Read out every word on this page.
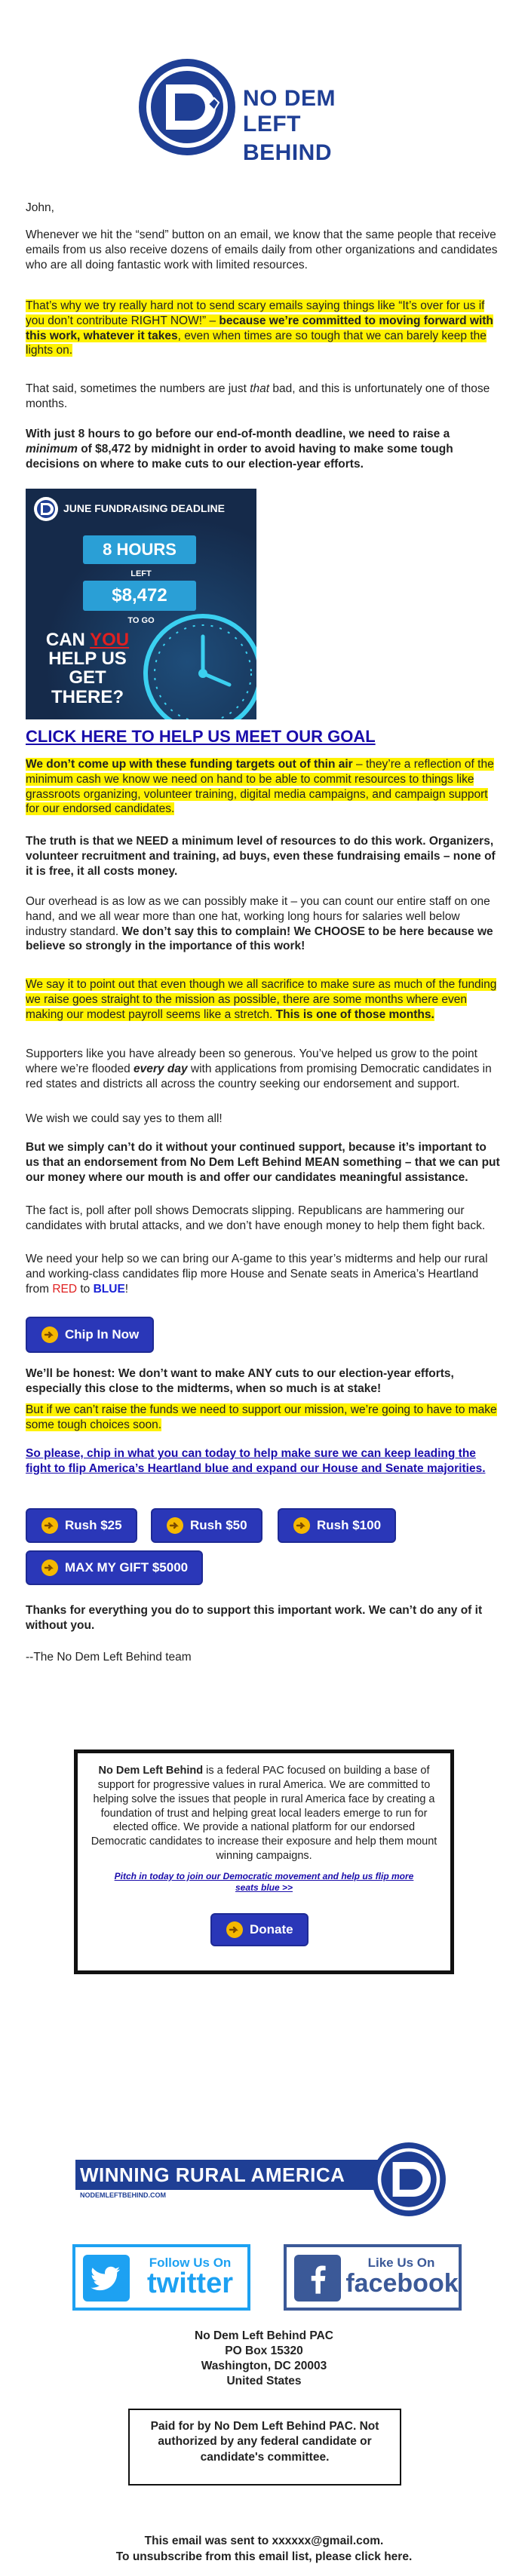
NO DEM
LEFT BEHIND

John,

Whenever we hit the “send” button on an email, we know that the same people that receive emails from us also receive dozens of emails daily from other organizations and candidates who are all doing fantastic work with limited resources.

That’s why we try really hard not to send scary emails saying things like “It’s over for us if you don’t contribute RIGHT NOW!” – because we’re committed to moving forward with this work, whatever it takes, even when times are so tough that we can barely keep the lights on.

That said, sometimes the numbers are just that bad, and this is unfortunately one of those months.

With just 8 hours to go before our end-of-month deadline, we need to raise a minimum of $8,472 by midnight in order to avoid having to make some tough decisions on where to make cuts to our election-year efforts.

JUNE FUNDRAISING DEADLINE
8 HOURS
LEFT
$8,472
TO GO
CAN YOU
HELP US
GET
THERE?
CLICK HERE TO HELP US MEET OUR GOAL

We don’t come up with these funding targets out of thin air – they’re a reflection of the minimum cash we know we need on hand to be able to commit resources to things like grassroots organizing, volunteer training, digital media campaigns, and campaign support for our endorsed candidates.

The truth is that we NEED a minimum level of resources to do this work. Organizers, volunteer recruitment and training, ad buys, even these fundraising emails – none of it is free, it all costs money.

Our overhead is as low as we can possibly make it – you can count our entire staff on one hand, and we all wear more than one hat, working long hours for salaries well below industry standard. We don’t say this to complain! We CHOOSE to be here because we believe so strongly in the importance of this work!

We say it to point out that even though we all sacrifice to make sure as much of the funding we raise goes straight to the mission as possible, there are some months where even making our modest payroll seems like a stretch. This is one of those months.

Supporters like you have already been so generous. You’ve helped us grow to the point where we’re flooded every day with applications from promising Democratic candidates in red states and districts all across the country seeking our endorsement and support.

We wish we could say yes to them all!

But we simply can’t do it without your continued support, because it’s important to us that an endorsement from No Dem Left Behind MEAN something – that we can put our money where our mouth is and offer our candidates meaningful assistance.

The fact is, poll after poll shows Democrats slipping. Republicans are hammering our candidates with brutal attacks, and we don’t have enough money to help them fight back.

We need your help so we can bring our A-game to this year’s midterms and help our rural and working-class candidates flip more House and Senate seats in America’s Heartland from RED to BLUE!

Chip In Now

We’ll be honest: We don’t want to make ANY cuts to our election-year efforts, especially this close to the midterms, when so much is at stake!

But if we can’t raise the funds we need to support our mission, we’re going to have to make some tough choices soon.

So please, chip in what you can today to help make sure we can keep leading the fight to flip America’s Heartland blue and expand our House and Senate majorities.
Rush $25	Rush $50	Rush $100
MAX MY GIFT $5000

Thanks for everything you do to support this important work. We can’t do any of it without you.

--The No Dem Left Behind team

No Dem Left Behind is a federal PAC focused on building a base of support for progressive values in rural America. We are committed to helping solve the issues that people in rural America face by creating a foundation of trust and helping great local leaders emerge to run for elected office. We provide a national platform for our endorsed Democratic candidates to increase their exposure and help them mount winning campaigns.

Pitch in today to join our Democratic movement and help us flip more seats blue >>
Donate
WINNING RURAL AMERICA
NODEMLEFTBEHIND.COM
Follow Us On
twitter
Like Us On
facebook
No Dem Left Behind PAC
PO Box 15320
Washington, DC 20003
United States

Paid for by No Dem Left Behind PAC. Not authorized by any federal candidate or candidate's committee.

This email was sent to xxxxxx@gmail.com.
To unsubscribe from this email list, please click here.
